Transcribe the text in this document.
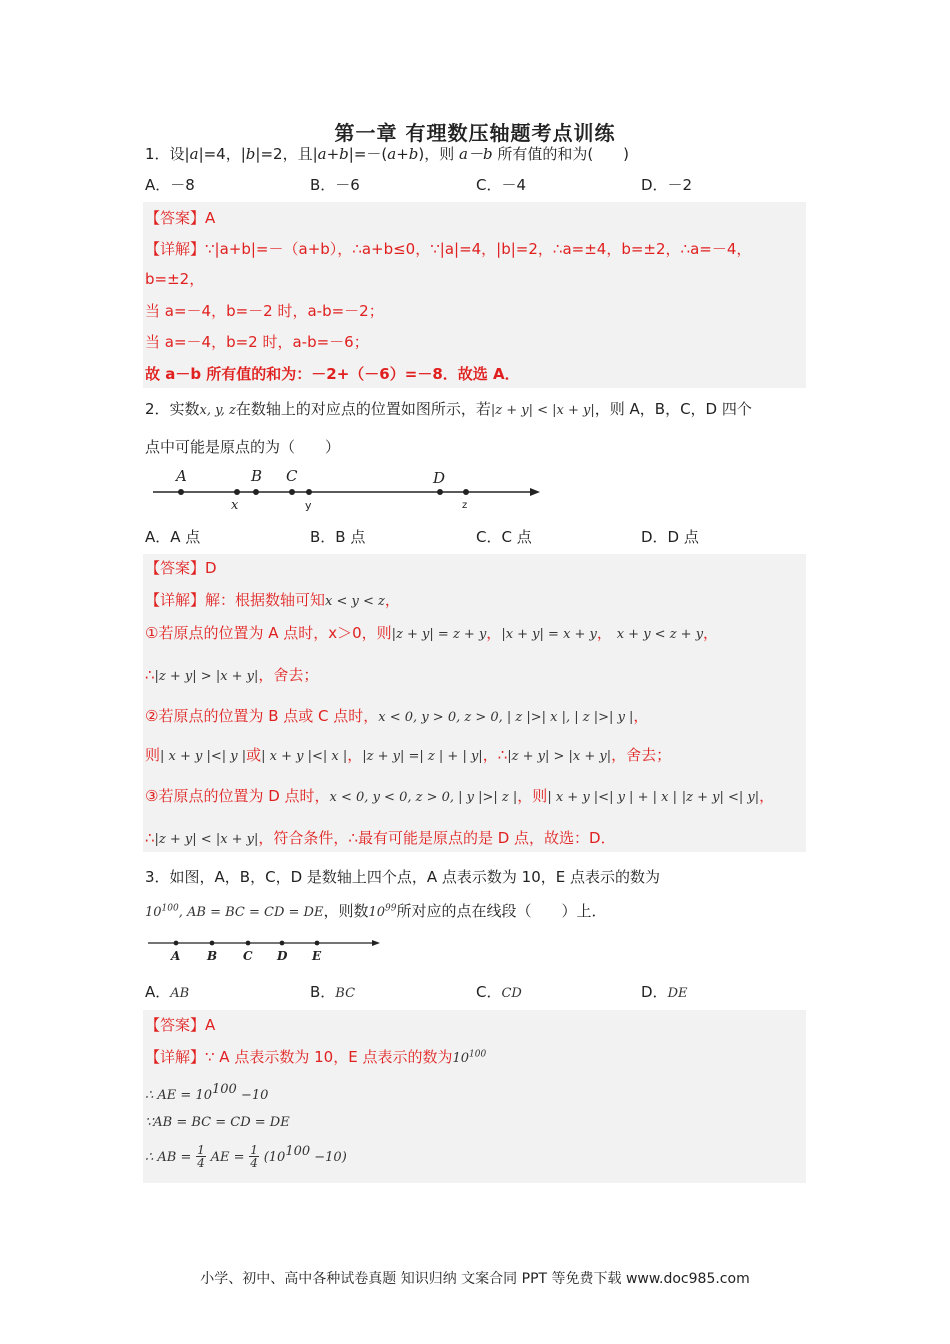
第一章 有理数压轴题考点训练
1．设|a|=4，|b|=2，且|a+b|=－(a+b)，则 a－b 所有值的和为(　　)
A．－8	B．－6	C．－4	D．－2
【答案】A
【详解】∵|a+b|=－（a+b），∴a+b≤0，∵|a|=4，|b|=2，∴a=±4，b=±2，∴a=－4，
b=±2，
当 a=－4，b=－2 时，a-b=－2；
当 a=－4，b=2 时，a-b=－6；
故 a－b 所有值的和为：－2+（－6）=－8．故选 A．
2．实数x, y, z在数轴上的对应点的位置如图所示，若|z + y| < |x + y|，则 A，B，C，D 四个
点中可能是原点的为（　　）
A	B C	D
x	y	z
A．A 点	B．B 点	C．C 点	D．D 点
【答案】D
【详解】解：根据数轴可知x < y < z，
①若原点的位置为 A 点时，x＞0，则|z + y| = z + y，|x + y| = x + y， x + y < z + y，
∴|z + y| > |x + y|，舍去；
②若原点的位置为 B 点或 C 点时，x < 0, y > 0, z > 0, | z |>| x |, | z |>| y |，
则| x + y |<| y |或| x + y |<| x |，|z + y| =| z | + | y|，∴|z + y| > |x + y|，舍去；
③若原点的位置为 D 点时，x < 0, y < 0, z > 0, | y |>| z |，则| x + y |<| y | + | x | |z + y| <| y|，
∴|z + y| < |x + y|，符合条件，∴最有可能是原点的是 D 点，故选：D．
3．如图，A，B，C，D 是数轴上四个点，A 点表示数为 10，E 点表示的数为
$10^{100}$, AB = BC = CD = DE，则数$10^{99}$所对应的点在线段（　　）上．
A B C D E
A．AB	B．BC	C．CD	D．DE
【答案】A
【详解】∵ A 点表示数为 10，E 点表示的数为$10^{100}$
∴ AE = $10^{100} -10$
∵AB = BC = CD = DE
∴ AB = $\frac{1}{4}$ AE = $\frac{1}{4} (10^{100} -10)$
小学、初中、高中各种试卷真题 知识归纳 文案合同 PPT 等免费下载 www.doc985.com
